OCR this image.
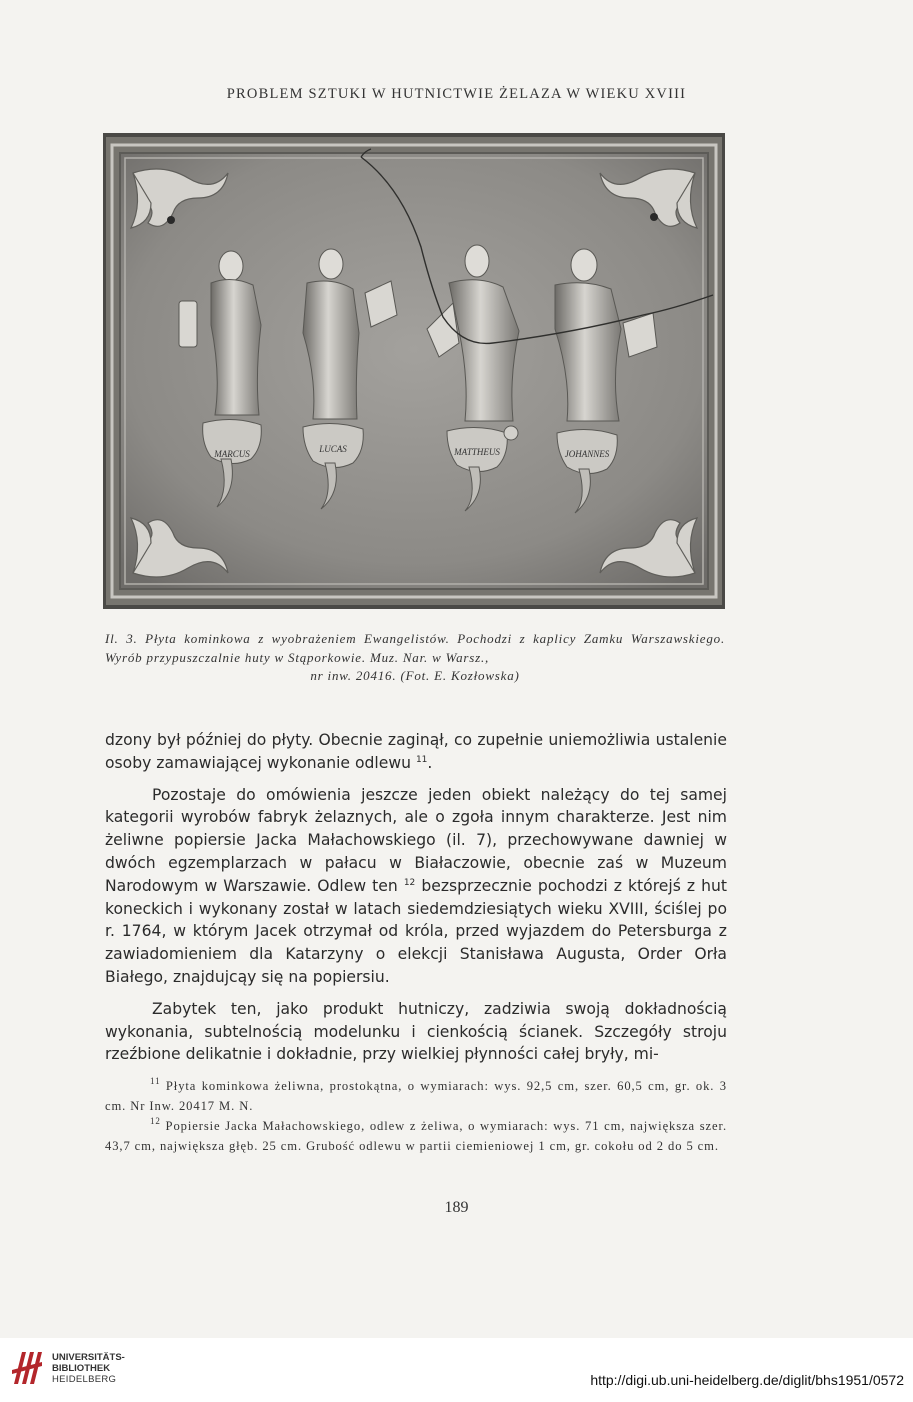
PROBLEM SZTUKI W HUTNICTWIE ŻELAZA W WIEKU XVIII
MARCUS	LUCAS	MATTHEUS	JOHANNES
Il. 3. Płyta kominkowa z wyobrażeniem Ewangelistów. Pochodzi z kaplicy Zamku Warszawskiego. Wyrób przypuszczalnie huty w Stąporkowie. Muz. Nar. w Warsz.,
nr inw. 20416. (Fot. E. Kozłowska)

dzony był później do płyty. Obecnie zaginął, co zupełnie uniemożliwia ustalenie osoby zamawiającej wykonanie odlewu $^{11}$.

Pozostaje do omówienia jeszcze jeden obiekt należący do tej samej kategorii wyrobów fabryk żelaznych, ale o zgoła innym charakterze. Jest nim żeliwne popiersie Jacka Małachowskiego (il. 7), przechowywane dawniej w dwóch egzemplarzach w pałacu w Białaczowie, obecnie zaś w Muzeum Narodowym w Warszawie. Odlew ten $^{12}$ bezsprzecznie pochodzi z którejś z hut koneckich i wykonany został w latach siedemdziesiątych wieku XVIII, ściślej po r. 1764, w którym Jacek otrzymał od króla, przed wyjazdem do Petersburga z zawiadomieniem dla Katarzyny o elekcji Stanisława Augusta, Order Orła Białego, znajdujcąy się na popiersiu.

Zabytek ten, jako produkt hutniczy, zadziwia swoją dokładnością wykonania, subtelnością modelunku i cienkością ścianek. Szczegóły stroju rzeźbione delikatnie i dokładnie, przy wielkiej płynności całej bryły, mi-

$^{11}$ Płyta kominkowa żeliwna, prostokątna, o wymiarach: wys. 92,5 cm, szer. 60,5 cm, gr. ok. 3 cm. Nr Inw. 20417 M. N.

$^{12}$ Popiersie Jacka Małachowskiego, odlew z żeliwa, o wymiarach: wys. 71 cm, największa szer. 43,7 cm, największa głęb. 25 cm. Grubość odlewu w partii ciemieniowej 1 cm, gr. cokołu od 2 do 5 cm.

189
UNIVERSITÄTS-
BIBLIOTHEK
HEIDELBERG	http://digi.ub.uni-heidelberg.de/diglit/bhs1951/0572
